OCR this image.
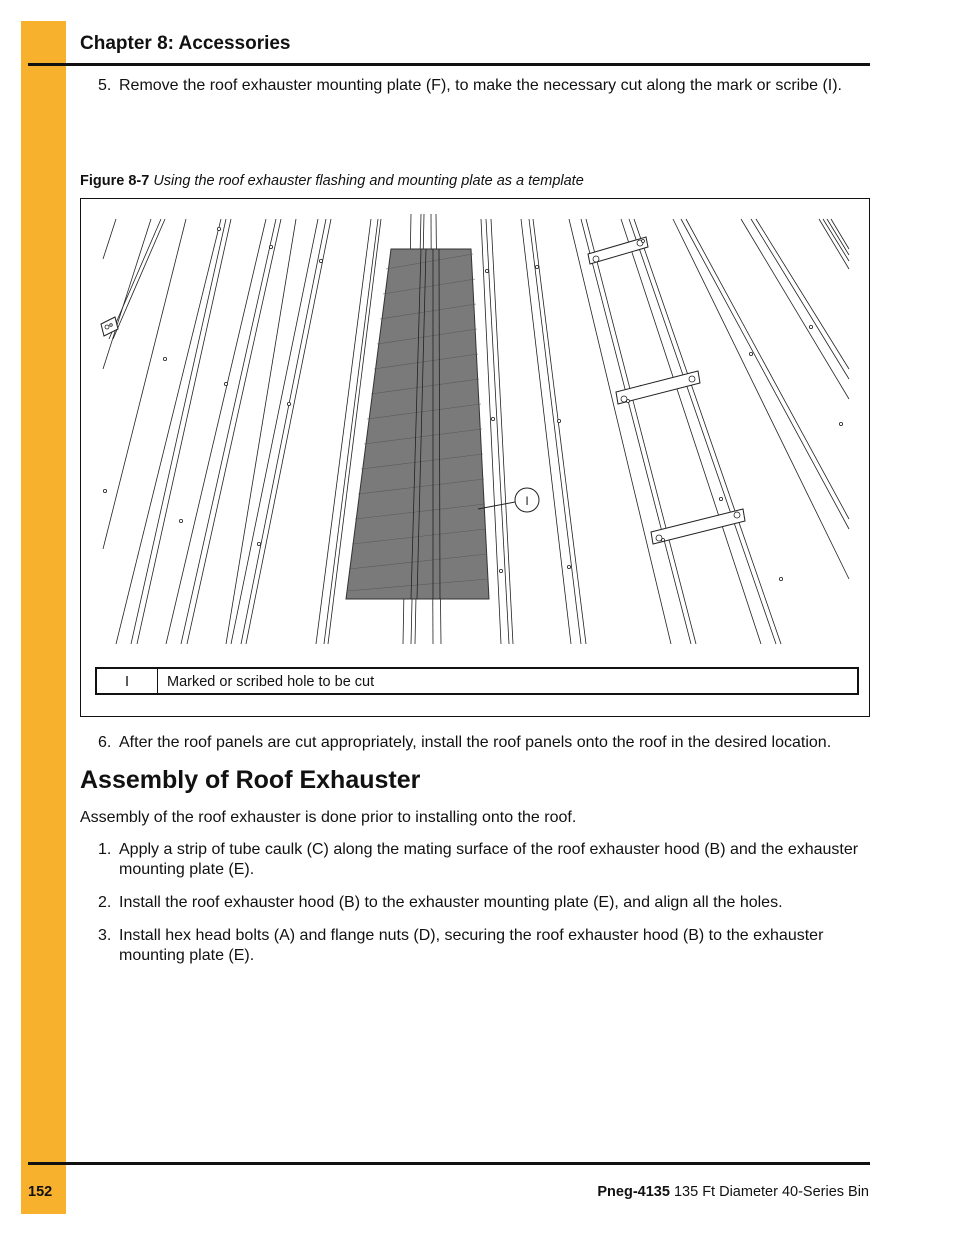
Chapter 8: Accessories
5. Remove the roof exhauster mounting plate (F), to make the necessary cut along the mark or scribe (I).
Figure 8-7 Using the roof exhauster flashing and mounting plate as a template
I
I	Marked or scribed hole to be cut
6. After the roof panels are cut appropriately, install the roof panels onto the roof in the desired location.
Assembly of Roof Exhauster
Assembly of the roof exhauster is done prior to installing onto the roof.
1. Apply a strip of tube caulk (C) along the mating surface of the roof exhauster hood (B) and the exhauster mounting plate (E).
2. Install the roof exhauster hood (B) to the exhauster mounting plate (E), and align all the holes.
3. Install hex head bolts (A) and flange nuts (D), securing the roof exhauster hood (B) to the exhauster mounting plate (E).
152	Pneg-4135 135 Ft Diameter 40-Series Bin
